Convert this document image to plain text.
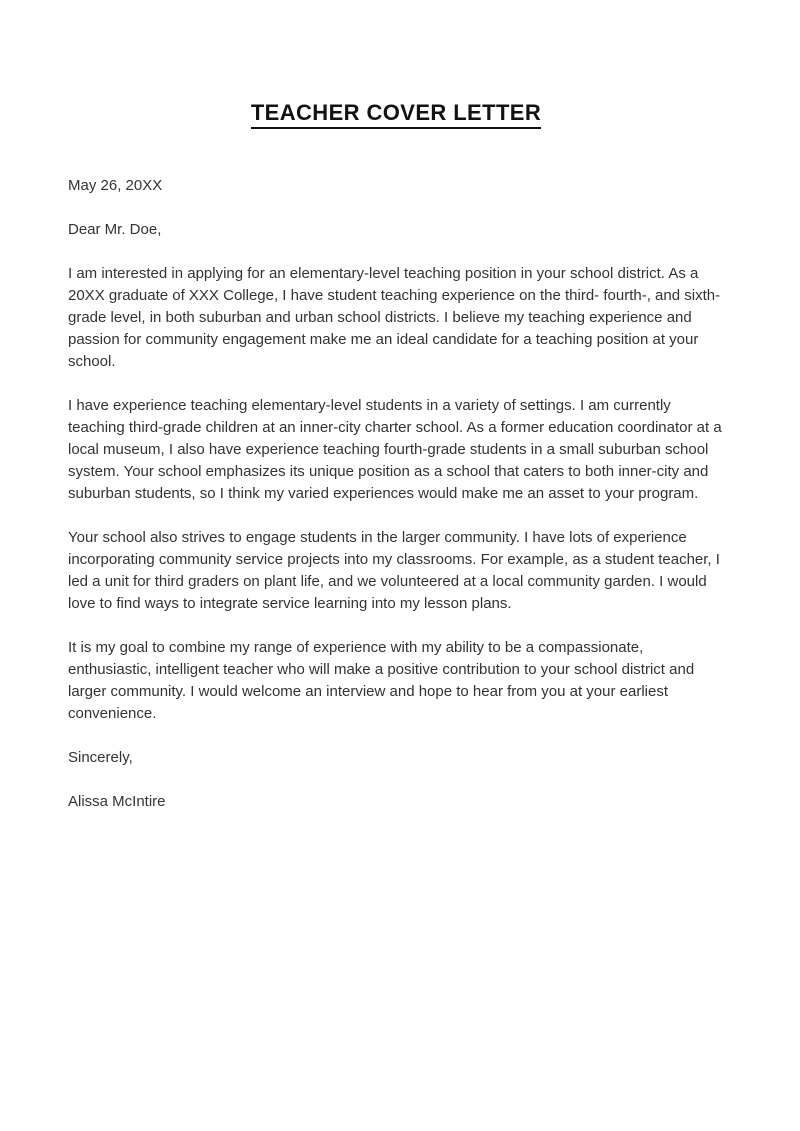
TEACHER COVER LETTER

May 26, 20XX

Dear Mr. Doe,

I am interested in applying for an elementary-level teaching position in your school district. As a 20XX graduate of XXX College, I have student teaching experience on the third- fourth-, and sixth-grade level, in both suburban and urban school districts. I believe my teaching experience and passion for community engagement make me an ideal candidate for a teaching position at your school.

I have experience teaching elementary-level students in a variety of settings. I am currently teaching third-grade children at an inner-city charter school. As a former education coordinator at a local museum, I also have experience teaching fourth-grade students in a small suburban school system. Your school emphasizes its unique position as a school that caters to both inner-city and suburban students, so I think my varied experiences would make me an asset to your program.

Your school also strives to engage students in the larger community. I have lots of experience incorporating community service projects into my classrooms. For example, as a student teacher, I led a unit for third graders on plant life, and we volunteered at a local community garden. I would love to find ways to integrate service learning into my lesson plans.

It is my goal to combine my range of experience with my ability to be a compassionate, enthusiastic, intelligent teacher who will make a positive contribution to your school district and larger community. I would welcome an interview and hope to hear from you at your earliest convenience.

Sincerely,

Alissa McIntire
